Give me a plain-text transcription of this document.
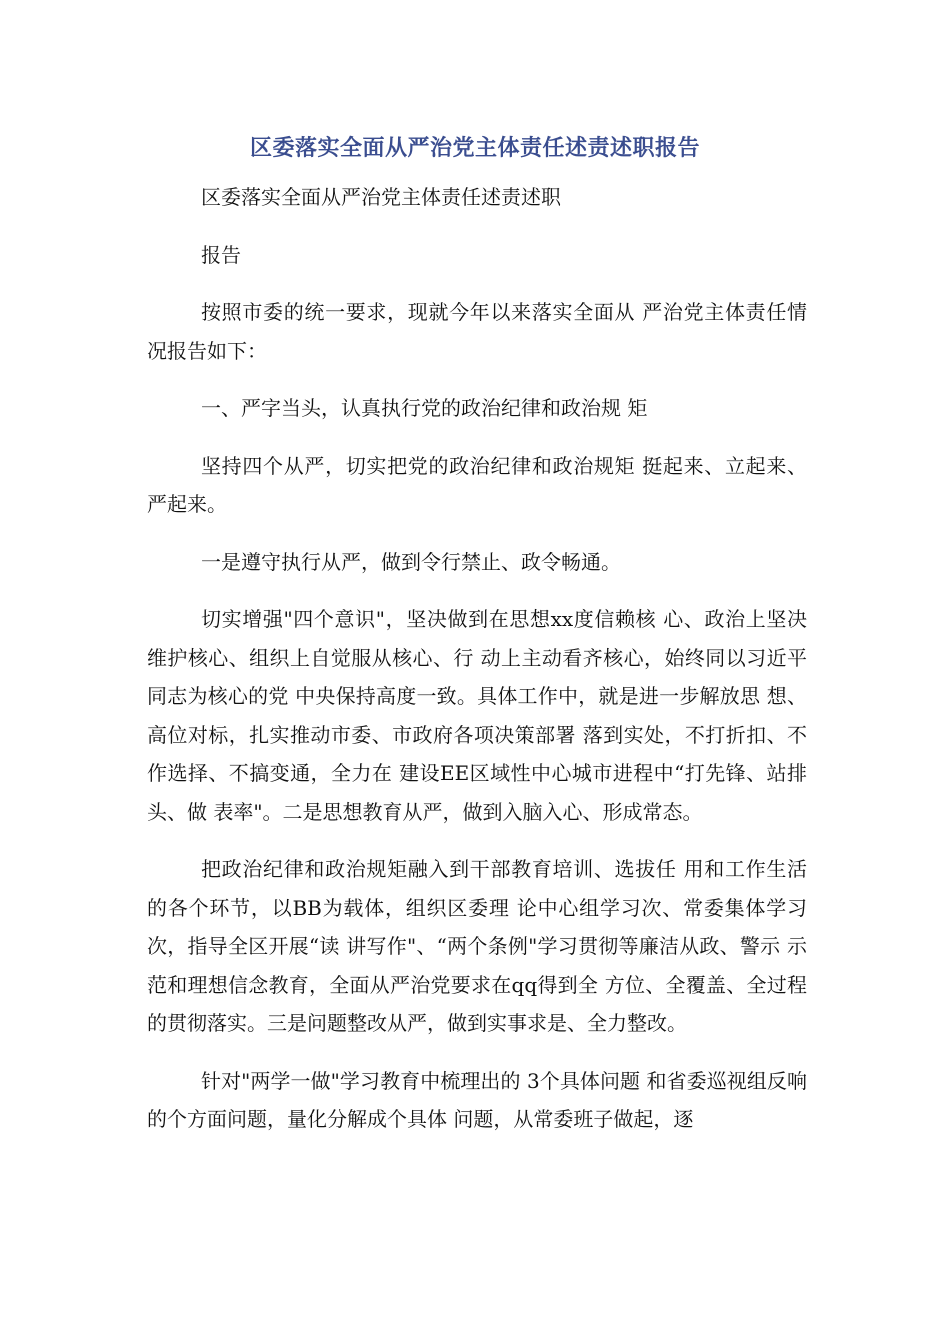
区委落实全面从严治党主体责任述责述职报告

区委落实全面从严治党主体责任述责述职

报告

按照市委的统一要求，现就今年以来落实全面从 严治党主体责任情况报告如下：

一、严字当头，认真执行党的政治纪律和政治规 矩

坚持四个从严，切实把党的政治纪律和政治规矩 挺起来、立起来、严起来。

一是遵守执行从严，做到令行禁止、政令畅通。

切实增强"四个意识"，坚决做到在思想xx度信赖核 心、政治上坚决维护核心、组织上自觉服从核心、行 动上主动看齐核心，始终同以习近平同志为核心的党 中央保持高度一致。具体工作中，就是进一步解放思 想、高位对标，扎实推动市委、市政府各项决策部署 落到实处，不打折扣、不作选择、不搞变通，全力在 建设EE区域性中心城市进程中“打先锋、站排头、做 表率"。二是思想教育从严，做到入脑入心、形成常态。

把政治纪律和政治规矩融入到干部教育培训、选拔任 用和工作生活的各个环节，以BB为载体，组织区委理 论中心组学习次、常委集体学习次，指导全区开展“读 讲写作"、“两个条例"学习贯彻等廉洁从政、警示 示范和理想信念教育，全面从严治党要求在qq得到全 方位、全覆盖、全过程的贯彻落实。三是问题整改从严，做到实事求是、全力整改。

针对"两学一做"学习教育中梳理出的 3个具体问题 和省委巡视组反响的个方面问题，量化分解成个具体 问题，从常委班子做起，逐
